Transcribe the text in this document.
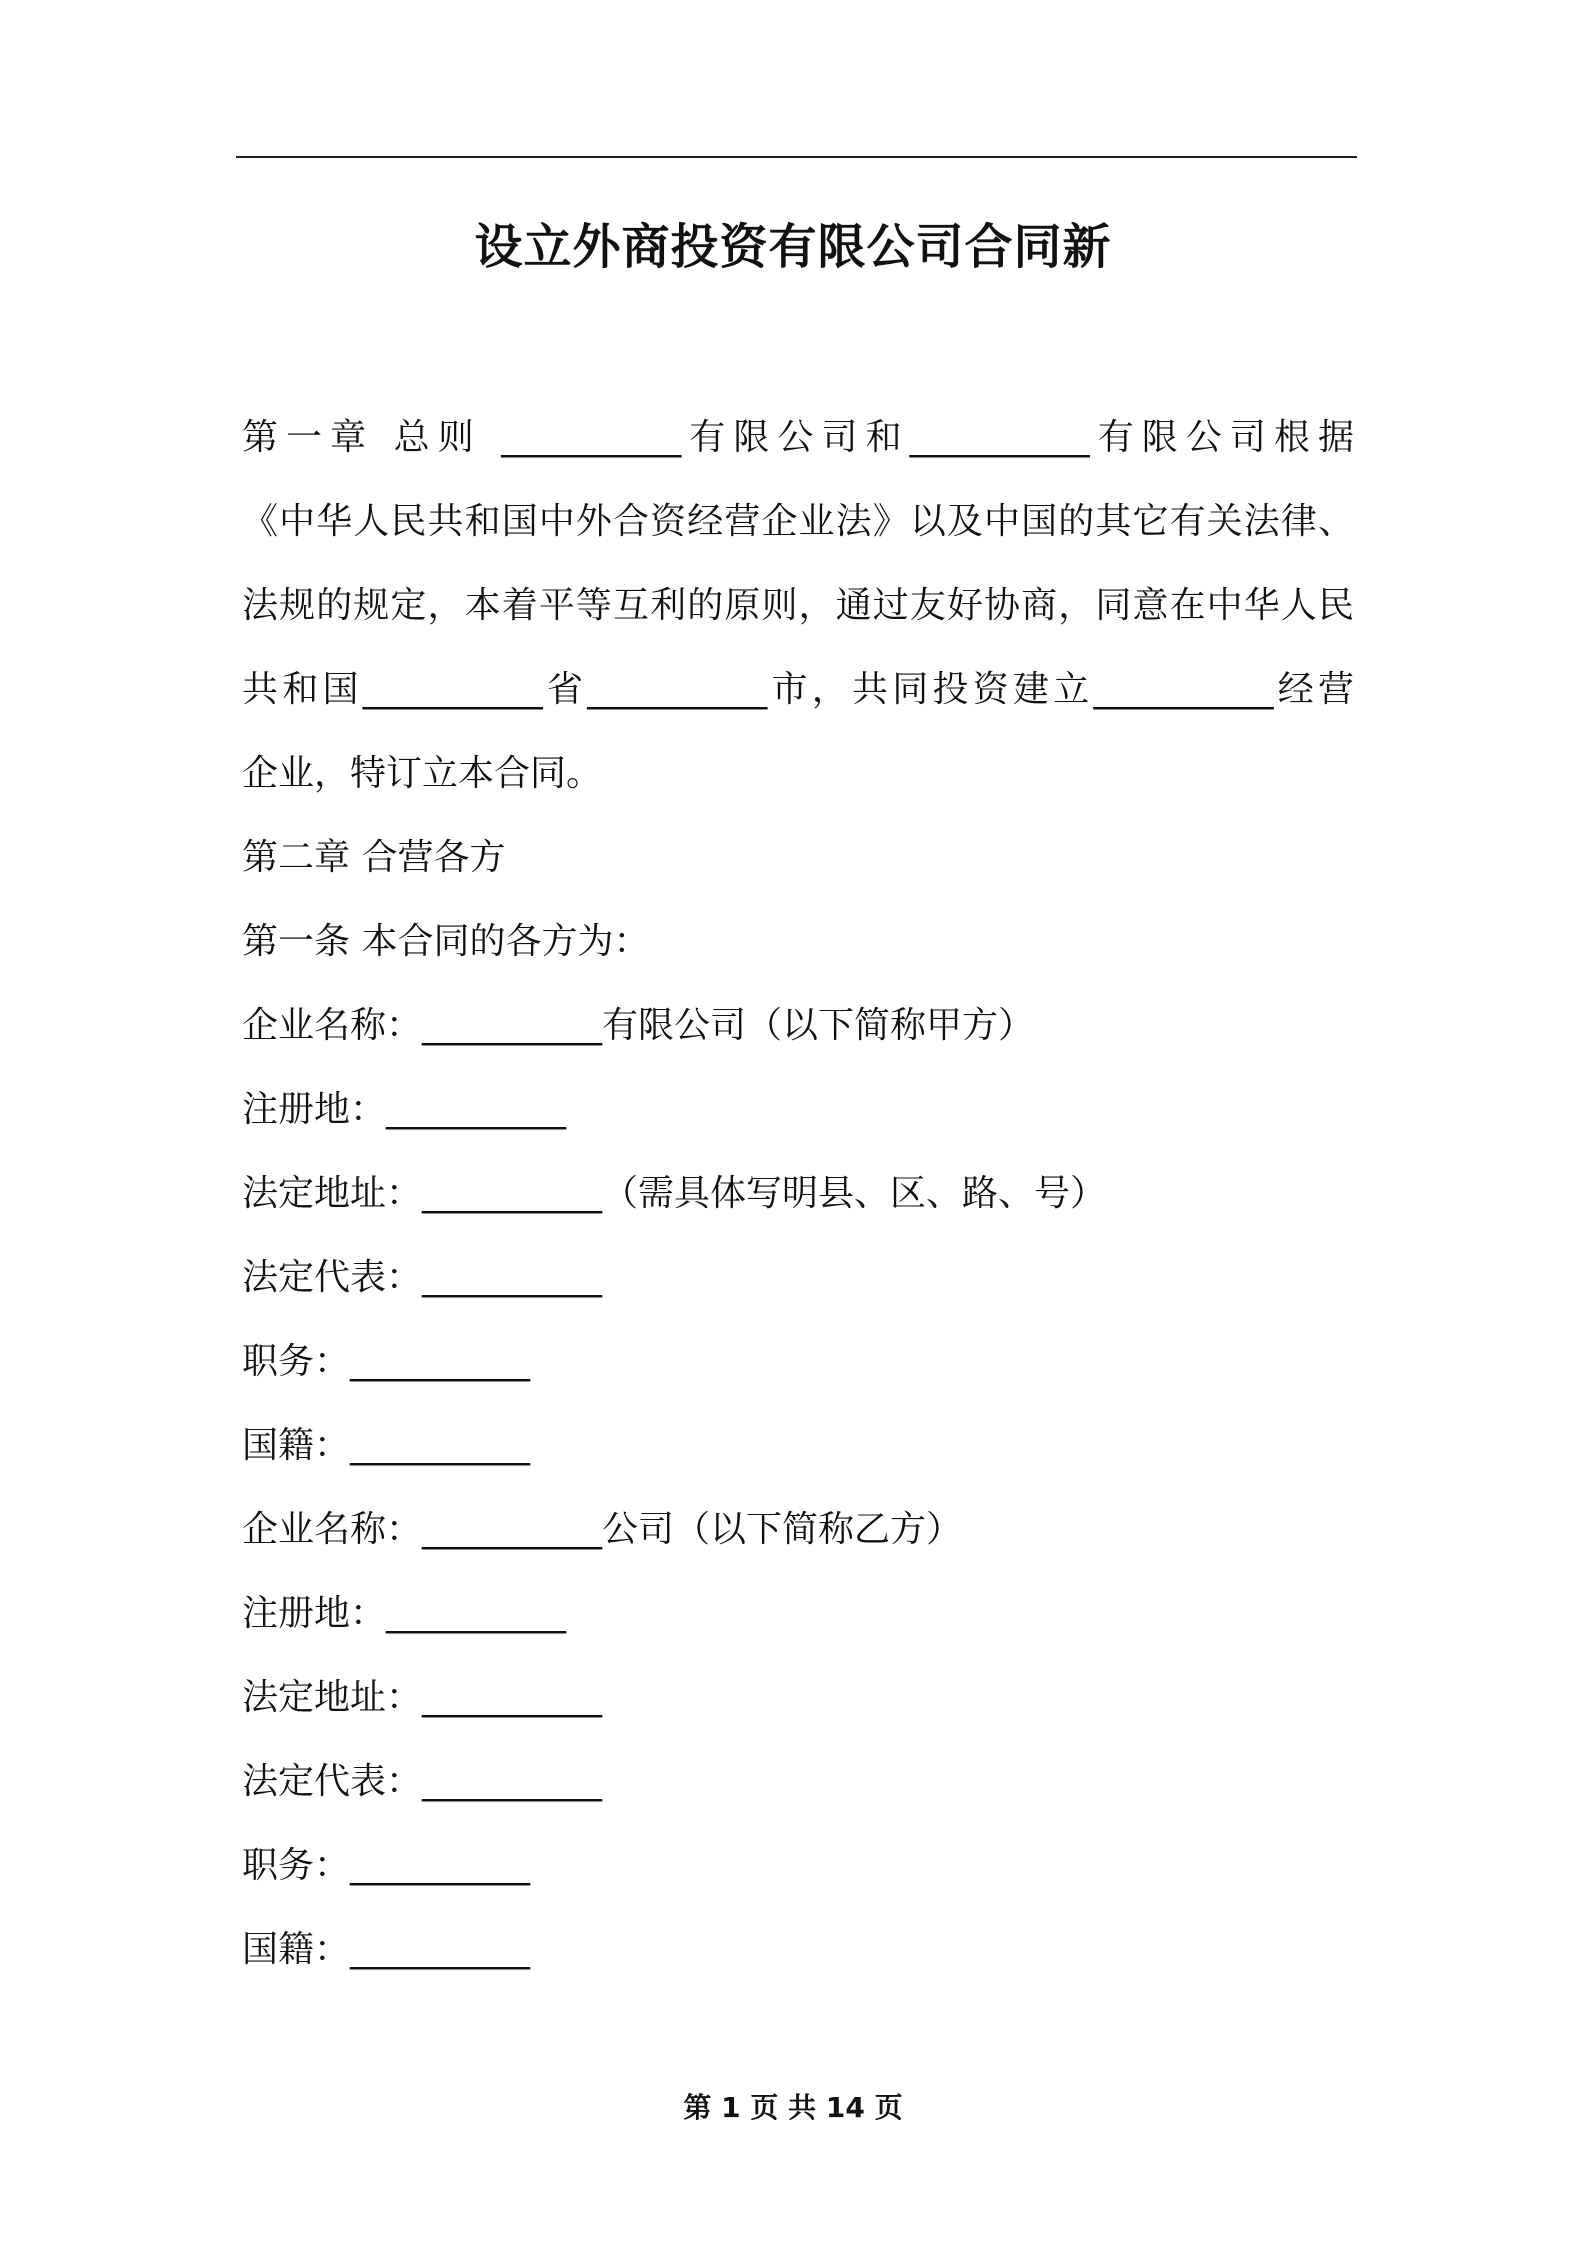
设立外商投资有限公司合同新
第一章 总则 __________有限公司和__________有限公司根据
《中华人民共和国中外合资经营企业法》以及中国的其它有关法律、
法规的规定，本着平等互利的原则，通过友好协商，同意在中华人民
共和国__________省__________市，共同投资建立__________经营
企业，特订立本合同。
第二章 合营各方
第一条 本合同的各方为：
企业名称：__________有限公司（以下简称甲方）
注册地：__________
法定地址：__________（需具体写明县、区、路、号）
法定代表：__________
职务：__________
国籍：__________
企业名称：__________公司（以下简称乙方）
注册地：__________
法定地址：__________
法定代表：__________
职务：__________
国籍：__________
第 1 页 共 14 页
